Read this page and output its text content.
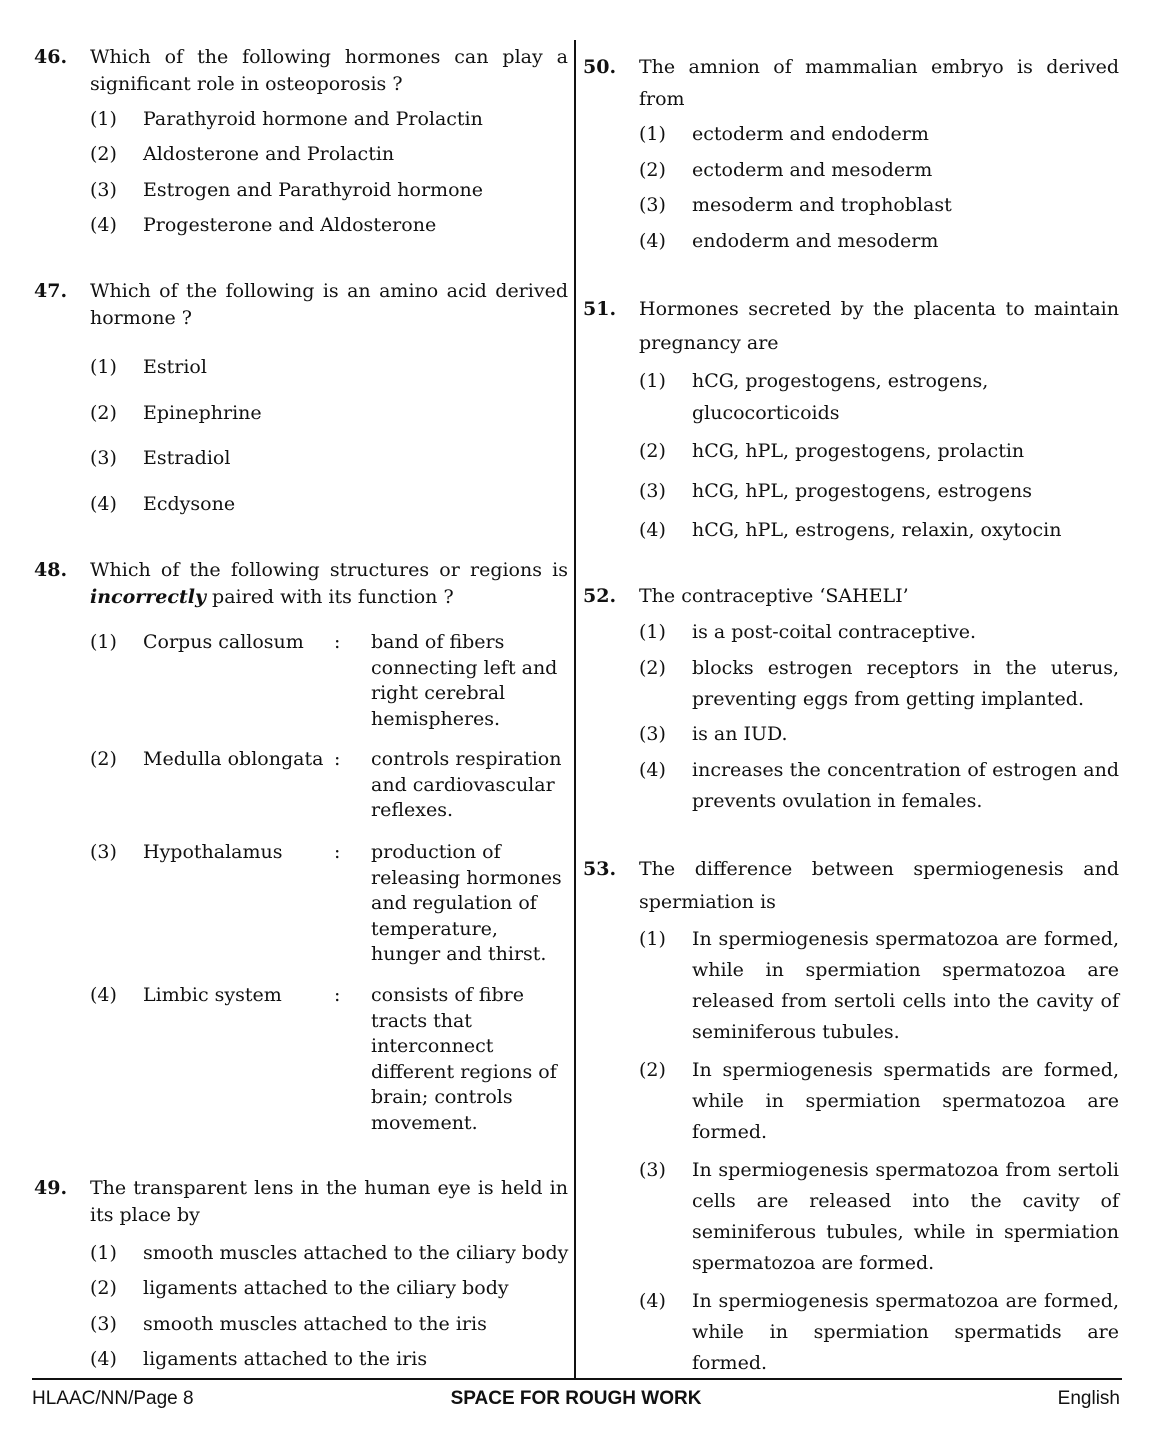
46. Which of the following hormones can play a significant role in osteoporosis ?
(1) Parathyroid hormone and Prolactin
(2) Aldosterone and Prolactin
(3) Estrogen and Parathyroid hormone
(4) Progesterone and Aldosterone
47. Which of the following is an amino acid derived hormone ?
(1) Estriol
(2) Epinephrine
(3) Estradiol
(4) Ecdysone
48. Which of the following structures or regions is incorrectly paired with its function ?
(1) Corpus callosum : band of fibers connecting left and right cerebral hemispheres.
(2) Medulla oblongata : controls respiration and cardiovascular reflexes.
(3) Hypothalamus	: production of releasing hormones and regulation of temperature, hunger and thirst.
(4) Limbic system	: consists of fibre tracts that interconnect different regions of brain; controls movement.
49. The transparent lens in the human eye is held in its place by
(1) smooth muscles attached to the ciliary body
(2) ligaments attached to the ciliary body
(3) smooth muscles attached to the iris
(4) ligaments attached to the iris
50. The amnion of mammalian embryo is derived from
(1) ectoderm and endoderm
(2) ectoderm and mesoderm
(3) mesoderm and trophoblast
(4) endoderm and mesoderm
51. Hormones secreted by the placenta to maintain pregnancy are
(1) hCG, progestogens, estrogens, glucocorticoids
(2) hCG, hPL, progestogens, prolactin
(3) hCG, hPL, progestogens, estrogens
(4) hCG, hPL, estrogens, relaxin, oxytocin
52. The contraceptive ‘SAHELI’
(1) is a post-coital contraceptive.
(2) blocks estrogen receptors in the uterus, preventing eggs from getting implanted.
(3) is an IUD.
(4) increases the concentration of estrogen and prevents ovulation in females.
53. The difference between spermiogenesis and spermiation is
(1) In spermiogenesis spermatozoa are formed, while in spermiation spermatozoa are released from sertoli cells into the cavity of seminiferous tubules.
(2) In spermiogenesis spermatids are formed, while in spermiation spermatozoa are formed.
(3) In spermiogenesis spermatozoa from sertoli cells are released into the cavity of seminiferous tubules, while in spermiation spermatozoa are formed.
(4) In spermiogenesis spermatozoa are formed, while in spermiation spermatids are formed.
HLAAC/NN/Page 8	SPACE FOR ROUGH WORK	English
